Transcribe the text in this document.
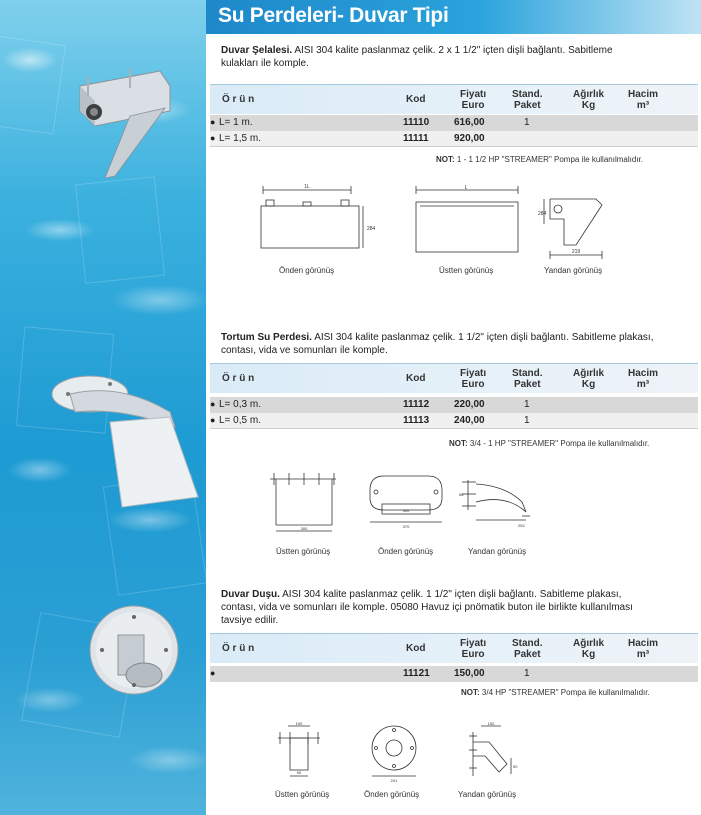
Su Perdeleri- Duvar Tipi
Duvar Şelalesi. AISI 304 kalite paslanmaz çelik. 2 x 1 1/2" içten dişli bağlantı. Sabitleme
kulakları ile komple.
Ö r ü n	Kod	Fiyatı
Euro
Stand.
Paket
Ağırlık
Kg
Hacim
m³
● L= 1 m.	11110 616,00	1
● L= 1,5 m.	11111	920,00
NOT: 1 - 1 1/2 HP "STREAMER" Pompa ile kullanılmalıdır.
1L
284
L
284
219
Önden görünüş	Üstten görünüş	Yandan görünüş
Tortum Su Perdesi. AISI 304 kalite paslanmaz çelik. 1 1/2" içten dişli bağlantı. Sabitleme plakası,
contası, vida ve somunları ile komple.
Ö r ü n	Kod	Fiyatı
Euro
Stand.
Paket
Ağırlık
Kg
Hacim
m³
● L= 0,3 m.	11112 220,00	1
● L= 0,5 m.	11113 240,00	1
NOT: 3/4 - 1 HP "STREAMER" Pompa ile kullanılmalıdır.
300
300
370
68
252
Üstten görünüş	Önden görünüş	Yandan görünüş
Duvar Duşu. AISI 304 kalite paslanmaz çelik. 1 1/2" içten dişli bağlantı. Sabitleme plakası,
contası, vida ve somunları ile komple. 05080 Havuz içi pnömatik buton ile birlikte kullanılması
tavsiye edilir.
Ö r ü n	Kod	Fiyatı
Euro
Stand.
Paket
Ağırlık
Kg
Hacim
m³
●	11121 150,00	1
NOT: 3/4 HP "STREAMER" Pompa ile kullanılmalıdır.
100
90
241
152
90
Üstten görünüş	Önden görünüş	Yandan görünüş
